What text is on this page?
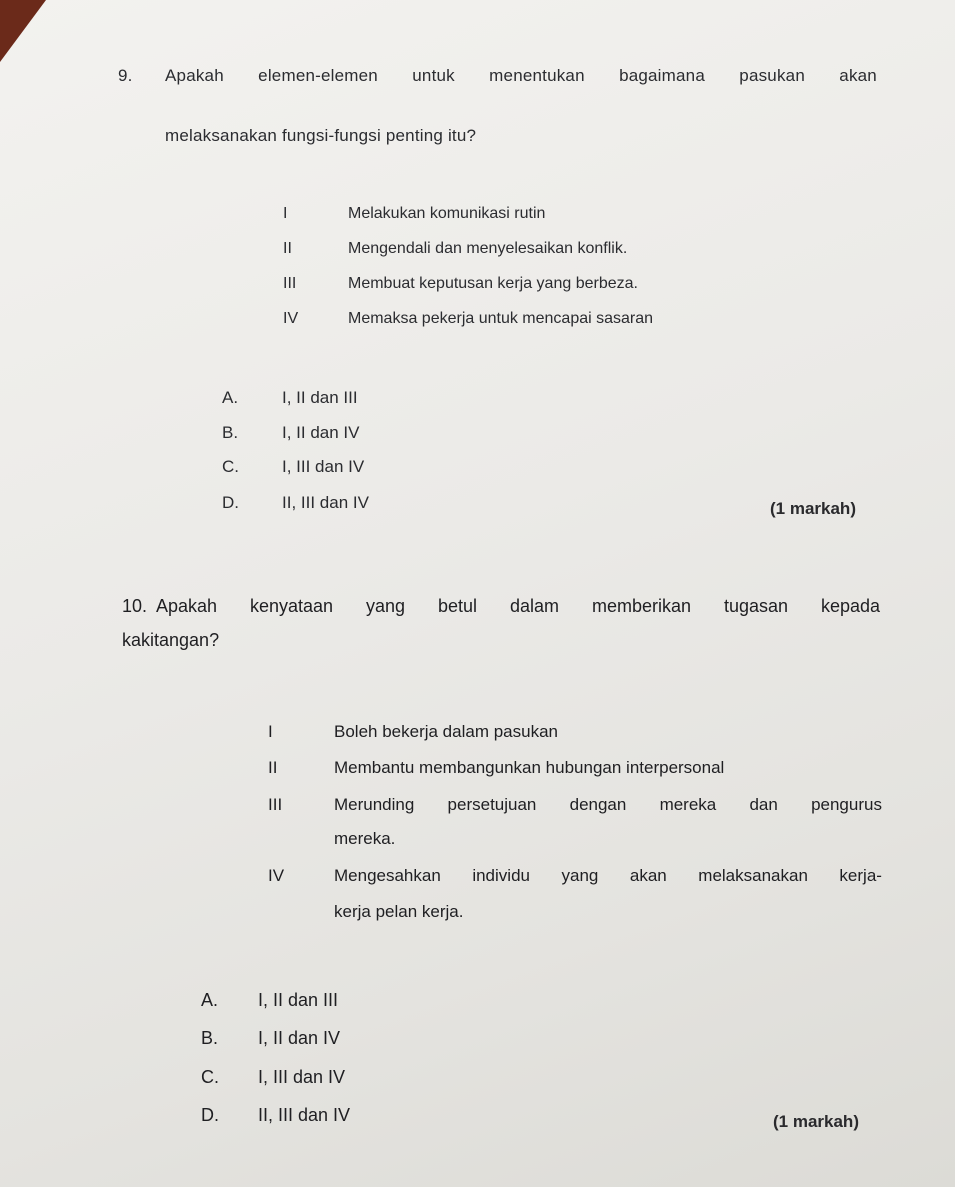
9. Apakah elemen-elemen untuk menentukan bagaimana pasukan akan
melaksanakan fungsi-fungsi penting itu?
I	Melakukan komunikasi rutin
II	Mengendali dan menyelesaikan konflik.
III	Membuat keputusan kerja yang berbeza.
IV	Memaksa pekerja untuk mencapai sasaran
A.	I, II dan III
B.	I, II dan IV
C.	I, III dan IV
D.	II, III dan IV	(1 markah)
10. Apakah kenyataan yang betul dalam memberikan tugasan kepada
kakitangan?
I	Boleh bekerja dalam pasukan
II	Membantu membangunkan hubungan interpersonal
III	Merunding persetujuan dengan mereka dan pengurus
mereka.
IV	Mengesahkan individu yang akan melaksanakan kerja-
kerja pelan kerja.
A. I, II dan III
B. I, II dan IV
C. I, III dan IV
D. II, III dan IV	(1 markah)
